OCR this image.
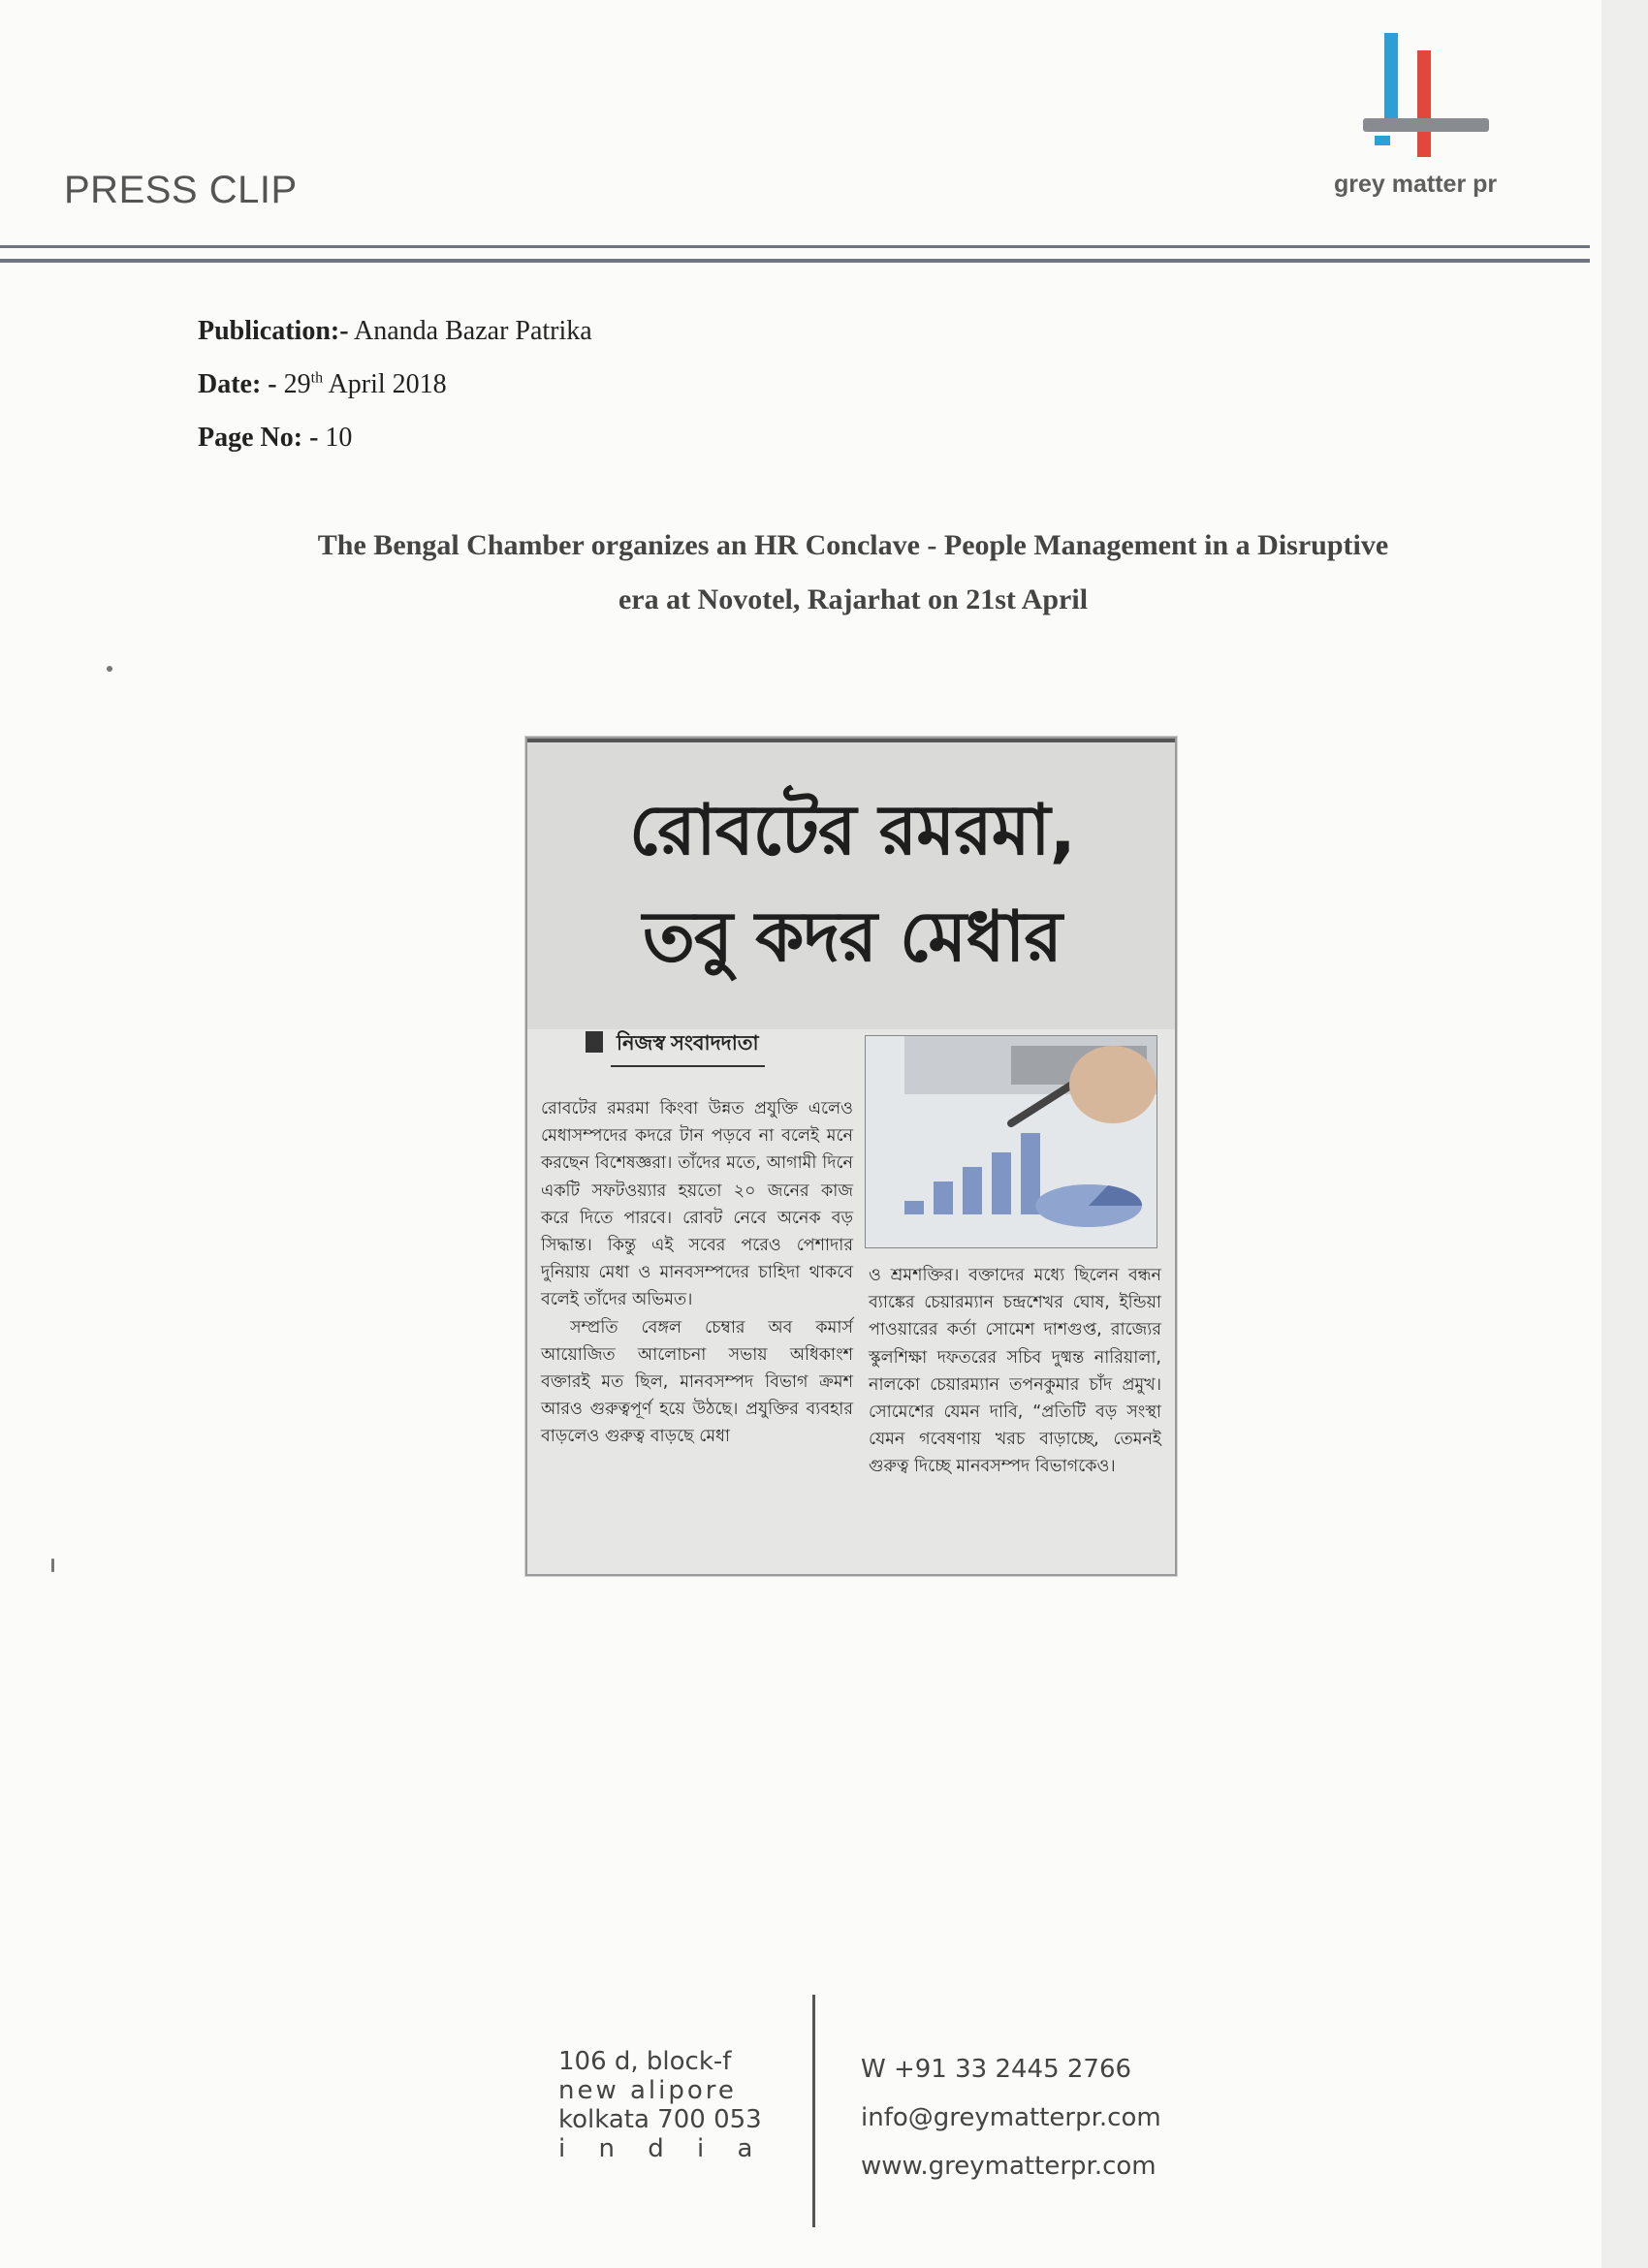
PRESS CLIP	grey matter pr
Publication:- Ananda Bazar Patrika
Date: - 29th April 2018
Page No: - 10
The Bengal Chamber organizes an HR Conclave - People Management in a Disruptive
era at Novotel, Rajarhat on 21st April
রোবটের রমরমা,
তবু কদর মেধার
নিজস্ব সংবাদদাতা

রোবটের রমরমা কিংবা উন্নত প্রযুক্তি এলেও মেধাসম্পদের কদরে টান পড়বে না বলেই মনে করছেন বিশেষজ্ঞরা। তাঁদের মতে, আগামী দিনে একটি সফটওয়্যার হয়তো ২০ জনের কাজ করে দিতে পারবে। রোবট নেবে অনেক বড় সিদ্ধান্ত। কিন্তু এই সবের পরেও পেশাদার দুনিয়ায় মেধা ও মানবসম্পদের চাহিদা থাকবে বলেই তাঁদের অভিমত।

সম্প্রতি বেঙ্গল চেম্বার অব কমার্স আয়োজিত আলোচনা সভায় অধিকাংশ বক্তারই মত ছিল, মানবসম্পদ বিভাগ ক্রমশ আরও গুরুত্বপূর্ণ হয়ে উঠছে। প্রযুক্তির ব্যবহার বাড়লেও গুরুত্ব বাড়ছে মেধা

ও শ্রমশক্তির। বক্তাদের মধ্যে ছিলেন বন্ধন ব্যাঙ্কের চেয়ারম্যান চন্দ্রশেখর ঘোষ, ইন্ডিয়া পাওয়ারের কর্তা সোমেশ দাশগুপ্ত, রাজ্যের স্কুলশিক্ষা দফতরের সচিব দুষ্মন্ত নারিয়ালা, নালকো চেয়ারম্যান তপনকুমার চাঁদ প্রমুখ। সোমেশের যেমন দাবি, “প্রতিটি বড় সংস্থা যেমন গবেষণায় খরচ বাড়াচ্ছে, তেমনই গুরুত্ব দিচ্ছে মানবসম্পদ বিভাগকেও।

106 d, block-f
new alipore
kolkata 700 053
i n d i a
W +91 33 2445 2766
info@greymatterpr.com
www.greymatterpr.com
